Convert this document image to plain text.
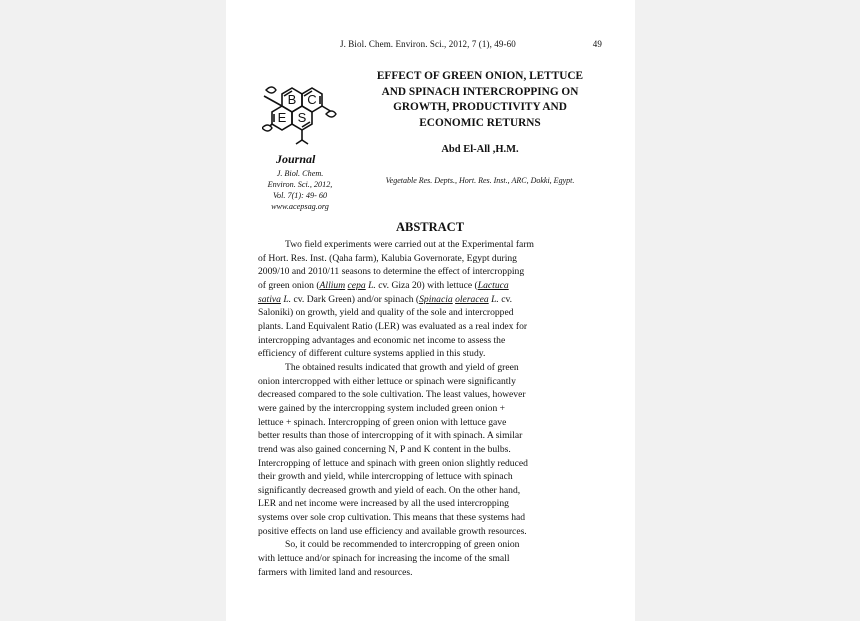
J. Biol. Chem. Environ. Sci., 2012, 7 (1), 49-60	49
B C
E S
Journal
J. Biol. Chem.
Environ. Sci., 2012,
Vol. 7(1): 49- 60
www.acepsag.org
EFFECT OF GREEN ONION, LETTUCE
AND SPINACH INTERCROPPING ON
GROWTH, PRODUCTIVITY AND
ECONOMIC RETURNS
Abd El-All ,H.M.
Vegetable Res. Depts., Hort. Res. Inst., ARC, Dokki, Egypt.
ABSTRACT
Two field experiments were carried out at the Experimental farm
of Hort. Res. Inst. (Qaha farm), Kalubia Governorate, Egypt during
2009/10 and 2010/11 seasons to determine the effect of intercropping
of green onion (Allium cepa L. cv. Giza 20) with lettuce (Lactuca
sativa L. cv. Dark Green) and/or spinach (Spinacia oleracea L. cv.
Saloniki) on growth, yield and quality of the sole and intercropped
plants. Land Equivalent Ratio (LER) was evaluated as a real index for
intercropping advantages and economic net income to assess the
efficiency of different culture systems applied in this study.
The obtained results indicated that growth and yield of green
onion intercropped with either lettuce or spinach were significantly
decreased compared to the sole cultivation. The least values, however
were gained by the intercropping system included green onion +
lettuce + spinach. Intercropping of green onion with lettuce gave
better results than those of intercropping of it with spinach. A similar
trend was also gained concerning N, P and K content in the bulbs.
Intercropping of lettuce and spinach with green onion slightly reduced
their growth and yield, while intercropping of lettuce with spinach
significantly decreased growth and yield of each. On the other hand,
LER and net income were increased by all the used intercropping
systems over sole crop cultivation. This means that these systems had
positive effects on land use efficiency and available growth resources.
So, it could be recommended to intercropping of green onion
with lettuce and/or spinach for increasing the income of the small
farmers with limited land and resources.
